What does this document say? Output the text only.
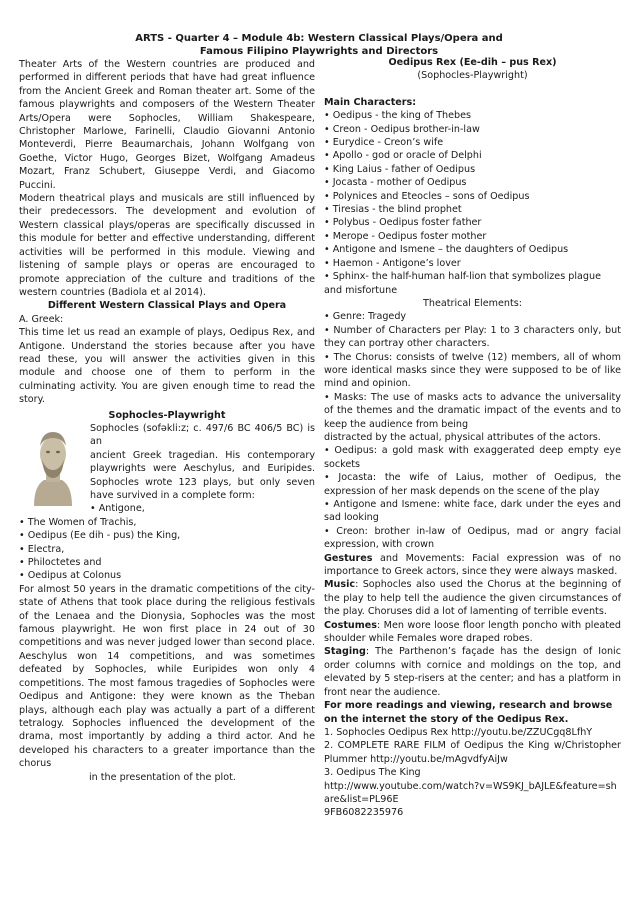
ARTS - Quarter 4 – Module 4b: Western Classical Plays/Opera and
Famous Filipino Playwrights and Directors

Theater Arts of the Western countries are produced and performed in different periods that have had great influence from the Ancient Greek and Roman theater art. Some of the famous playwrights and composers of the Western Theater Arts/Opera were Sophocles, William Shakespeare, Christopher Marlowe, Farinelli, Claudio Giovanni Antonio Monteverdi, Pierre Beaumarchais, Johann Wolfgang von Goethe, Victor Hugo, Georges Bizet, Wolfgang Amadeus Mozart, Franz Schubert, Giuseppe Verdi, and Giacomo Puccini.

Modern theatrical plays and musicals are still influenced by their predecessors. The development and evolution of Western classical plays/operas are specifically discussed in this module for better and effective understanding, different activities will be performed in this module. Viewing and listening of sample plays or operas are encouraged to promote appreciation of the culture and traditions of the western countries (Badiola et al 2014).

Different Western Classical Plays and Opera

A. Greek:

This time let us read an example of plays, Oedipus Rex, and Antigone. Understand the stories because after you have read these, you will answer the activities given in this module and choose one of them to perform in the culminating activity. You are given enough time to read the story.

Sophocles-Playwright

Sophocles (sofəkli:z; c. 497/6 BC 406/5 BC) is an

ancient Greek tragedian. His contemporary playwrights were Aeschylus, and Euripides. Sophocles wrote 123 plays, but only seven have survived in a complete form:

• Antigone,

• The Women of Trachis,

• Oedipus (Ee dih - pus) the King,

• Electra,

• Philoctetes and

• Oedipus at Colonus

For almost 50 years in the dramatic competitions of the city-state of Athens that took place during the religious festivals of the Lenaea and the Dionysia, Sophocles was the most famous playwright. He won first place in 24 out of 30 competitions and was never judged lower than second place. Aeschylus won 14 competitions, and was sometimes defeated by Sophocles, while Euripides won only 4 competitions. The most famous tragedies of Sophocles were Oedipus and Antigone: they were known as the Theban plays, although each play was actually a part of a different tetralogy. Sophocles influenced the development of the drama, most importantly by adding a third actor. And he developed his characters to a greater importance than the chorus

in the presentation of the plot.

Oedipus Rex (Ee-dih – pus Rex)

(Sophocles-Playwright)

Main Characters:

• Oedipus - the king of Thebes

• Creon - Oedipus brother-in-law

• Eurydice - Creon’s wife

• Apollo - god or oracle of Delphi

• King Laius - father of Oedipus

• Jocasta - mother of Oedipus

• Polynices and Eteocles – sons of Oedipus

• Tiresias - the blind prophet

• Polybus - Oedipus foster father

• Merope - Oedipus foster mother

• Antigone and Ismene – the daughters of Oedipus

• Haemon - Antigone’s lover

• Sphinx- the half-human half-lion that symbolizes plague and misfortune

Theatrical Elements:

• Genre: Tragedy

• Number of Characters per Play: 1 to 3 characters only, but they can portray other characters.

• The Chorus: consists of twelve (12) members, all of whom wore identical masks since they were supposed to be of like mind and opinion.

• Masks: The use of masks acts to advance the universality of the themes and the dramatic impact of the events and to keep the audience from being

distracted by the actual, physical attributes of the actors.

• Oedipus: a gold mask with exaggerated deep empty eye sockets

• Jocasta: the wife of Laius, mother of Oedipus, the expression of her mask depends on the scene of the play

• Antigone and Ismene: white face, dark under the eyes and sad looking

• Creon: brother in-law of Oedipus, mad or angry facial expression, with crown

Gestures and Movements: Facial expression was of no importance to Greek actors, since they were always masked.

Music: Sophocles also used the Chorus at the beginning of the play to help tell the audience the given circumstances of the play. Choruses did a lot of lamenting of terrible events.

Costumes: Men wore loose floor length poncho with pleated shoulder while Females wore draped robes.

Staging: The Parthenon’s façade has the design of Ionic order columns with cornice and moldings on the top, and elevated by 5 step-risers at the center; and has a platform in front near the audience.

For more readings and viewing, research and browse on the internet the story of the Oedipus Rex.

1. Sophocles Oedipus Rex http://youtu.be/ZZUCgq8LfhY

2. COMPLETE RARE FILM of Oedipus the King w/Christopher Plummer http://youtu.be/mAgvdfyAiJw

3. Oedipus The King

http://www.youtube.com/watch?v=WS9KJ_bAJLE&feature=share&list=PL96E

9FB6082235976
